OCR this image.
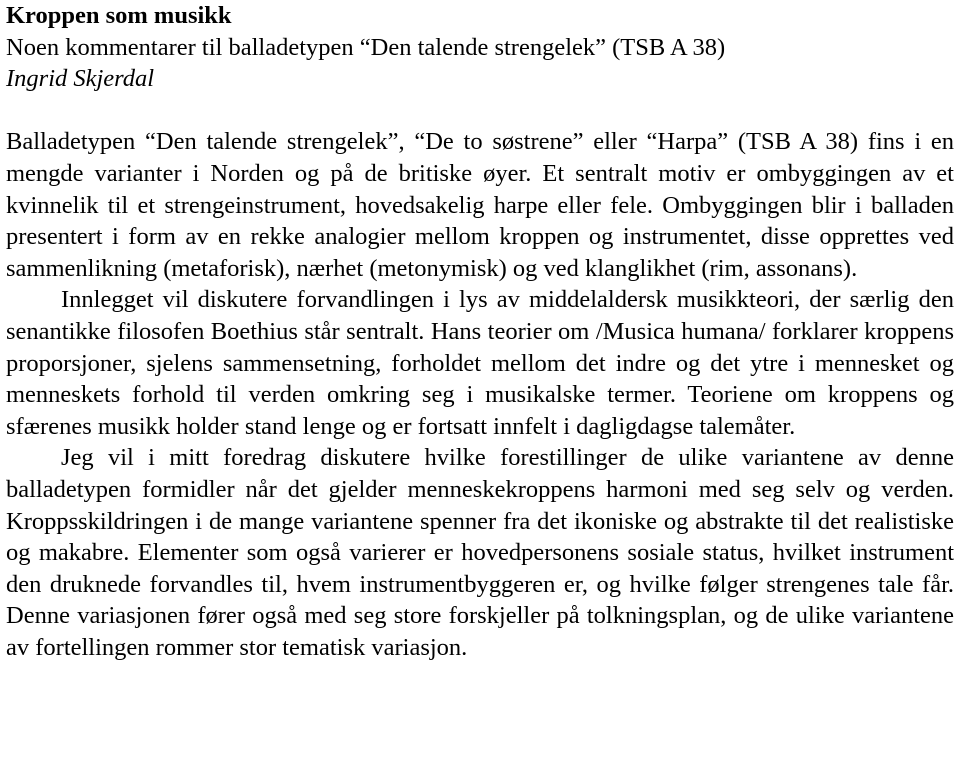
Kroppen som musikk

Noen kommentarer til balladetypen “Den talende strengelek” (TSB A 38)

Ingrid Skjerdal

Balladetypen “Den talende strengelek”, “De to søstrene” eller “Harpa” (TSB A 38) fins i en mengde varianter i Norden og på de britiske øyer. Et sentralt motiv er ombyggingen av et kvinnelik til et strengeinstrument, hovedsakelig harpe eller fele. Ombyggingen blir i balladen presentert i form av en rekke analogier mellom kroppen og instrumentet, disse opprettes ved sammenlikning (metaforisk), nærhet (metonymisk) og ved klanglikhet (rim, assonans).

Innlegget vil diskutere forvandlingen i lys av middelaldersk musikkteori, der særlig den senantikke filosofen Boethius står sentralt. Hans teorier om /Musica humana/ forklarer kroppens proporsjoner, sjelens sammensetning, forholdet mellom det indre og det ytre i mennesket og menneskets forhold til verden omkring seg i musikalske termer. Teoriene om kroppens og sfærenes musikk holder stand lenge og er fortsatt innfelt i dagligdagse talemåter.

Jeg vil i mitt foredrag diskutere hvilke forestillinger de ulike variantene av denne balladetypen formidler når det gjelder menneskekroppens harmoni med seg selv og verden. Kroppsskildringen i de mange variantene spenner fra det ikoniske og abstrakte til det realistiske og makabre. Elementer som også varierer er hovedpersonens sosiale status, hvilket instrument den druknede forvandles til, hvem instrumentbyggeren er, og hvilke følger strengenes tale får. Denne variasjonen fører også med seg store forskjeller på tolkningsplan, og de ulike variantene av fortellingen rommer stor tematisk variasjon.
